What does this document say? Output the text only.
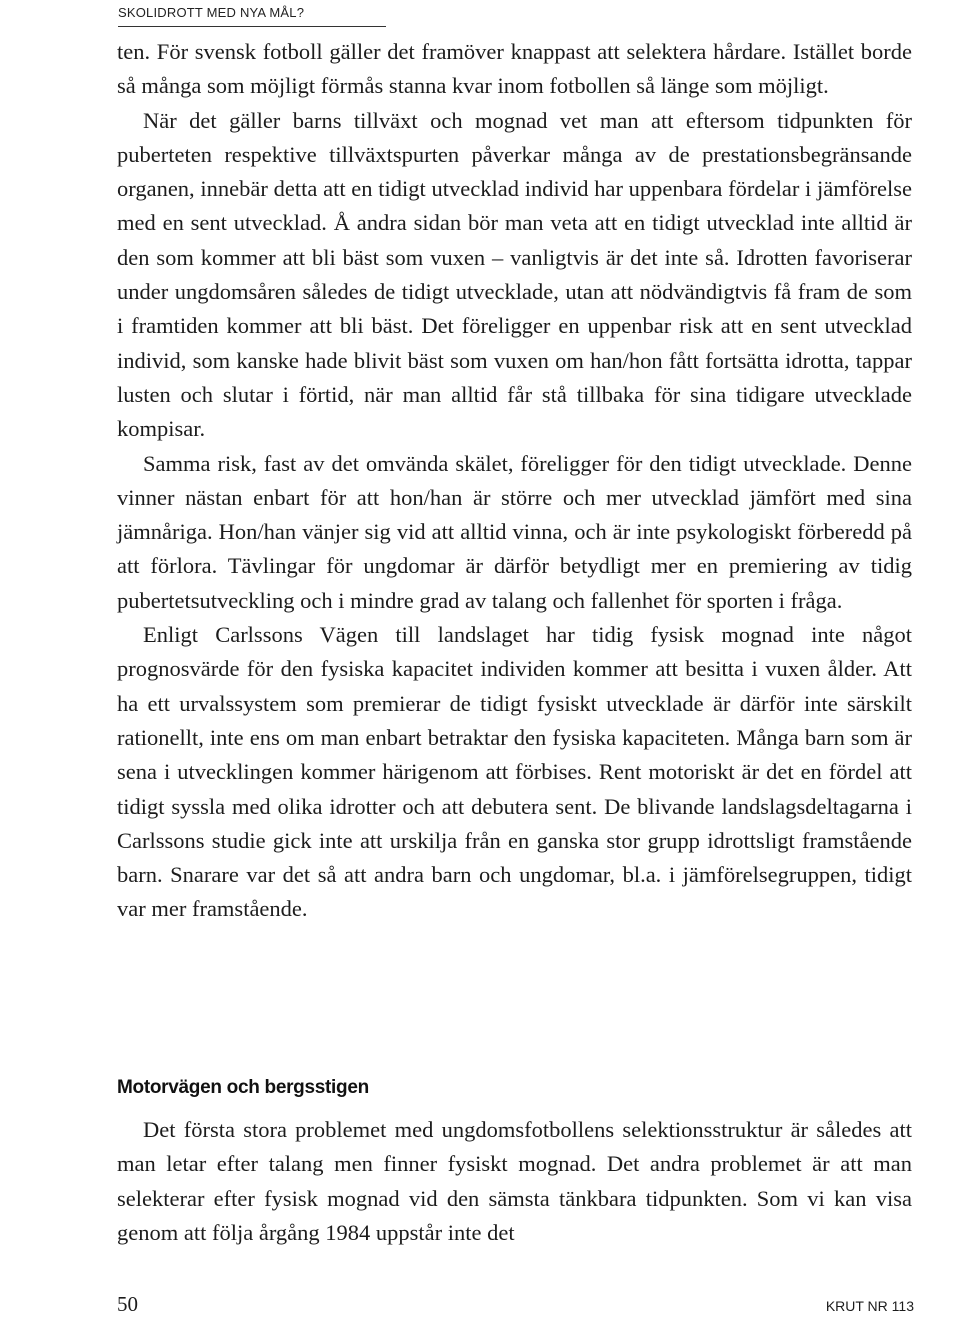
SKOLIDROTT MED NYA MÅL?

ten. För svensk fotboll gäller det framöver knappast att selektera hårdare. Istället borde så många som möjligt förmås stanna kvar inom fotbollen så länge som möjligt.

När det gäller barns tillväxt och mognad vet man att eftersom tidpunkten för puberteten respektive tillväxtspurten påverkar många av de prestationsbegränsande organen, innebär detta att en tidigt utvecklad individ har uppenbara fördelar i jämförelse med en sent utvecklad. Å andra sidan bör man veta att en tidigt utvecklad inte alltid är den som kommer att bli bäst som vuxen – vanligtvis är det inte så. Idrotten favoriserar under ungdomsåren således de tidigt utvecklade, utan att nödvändigtvis få fram de som i framtiden kommer att bli bäst. Det föreligger en uppenbar risk att en sent utvecklad individ, som kanske hade blivit bäst som vuxen om han/hon fått fortsätta idrotta, tappar lusten och slutar i förtid, när man alltid får stå tillbaka för sina tidigare utvecklade kompisar.

Samma risk, fast av det omvända skälet, föreligger för den tidigt utvecklade. Denne vinner nästan enbart för att hon/han är större och mer utvecklad jämfört med sina jämnåriga. Hon/han vänjer sig vid att alltid vinna, och är inte psykologiskt förberedd på att förlora. Tävlingar för ungdomar är därför betydligt mer en premiering av tidig pubertetsutveckling och i mindre grad av talang och fallenhet för sporten i fråga.

Enligt Carlssons Vägen till landslaget har tidig fysisk mognad inte något prognosvärde för den fysiska kapacitet individen kommer att besitta i vuxen ålder. Att ha ett urvalssystem som premierar de tidigt fysiskt utvecklade är därför inte särskilt rationellt, inte ens om man enbart betraktar den fysiska kapaciteten. Många barn som är sena i utvecklingen kommer härigenom att förbises. Rent motoriskt är det en fördel att tidigt syssla med olika idrotter och att debutera sent. De blivande landslagsdeltagarna i Carlssons studie gick inte att urskilja från en ganska stor grupp idrottsligt framstående barn. Snarare var det så att andra barn och ungdomar, bl.a. i jämförelsegruppen, tidigt var mer framstående.

Motorvägen och bergsstigen

Det första stora problemet med ungdomsfotbollens selektionsstruktur är således att man letar efter talang men finner fysiskt mognad. Det andra problemet är att man selekterar efter fysisk mognad vid den sämsta tänkbara tidpunkten. Som vi kan visa genom att följa årgång 1984 uppstår inte det

50	KRUT NR 113
